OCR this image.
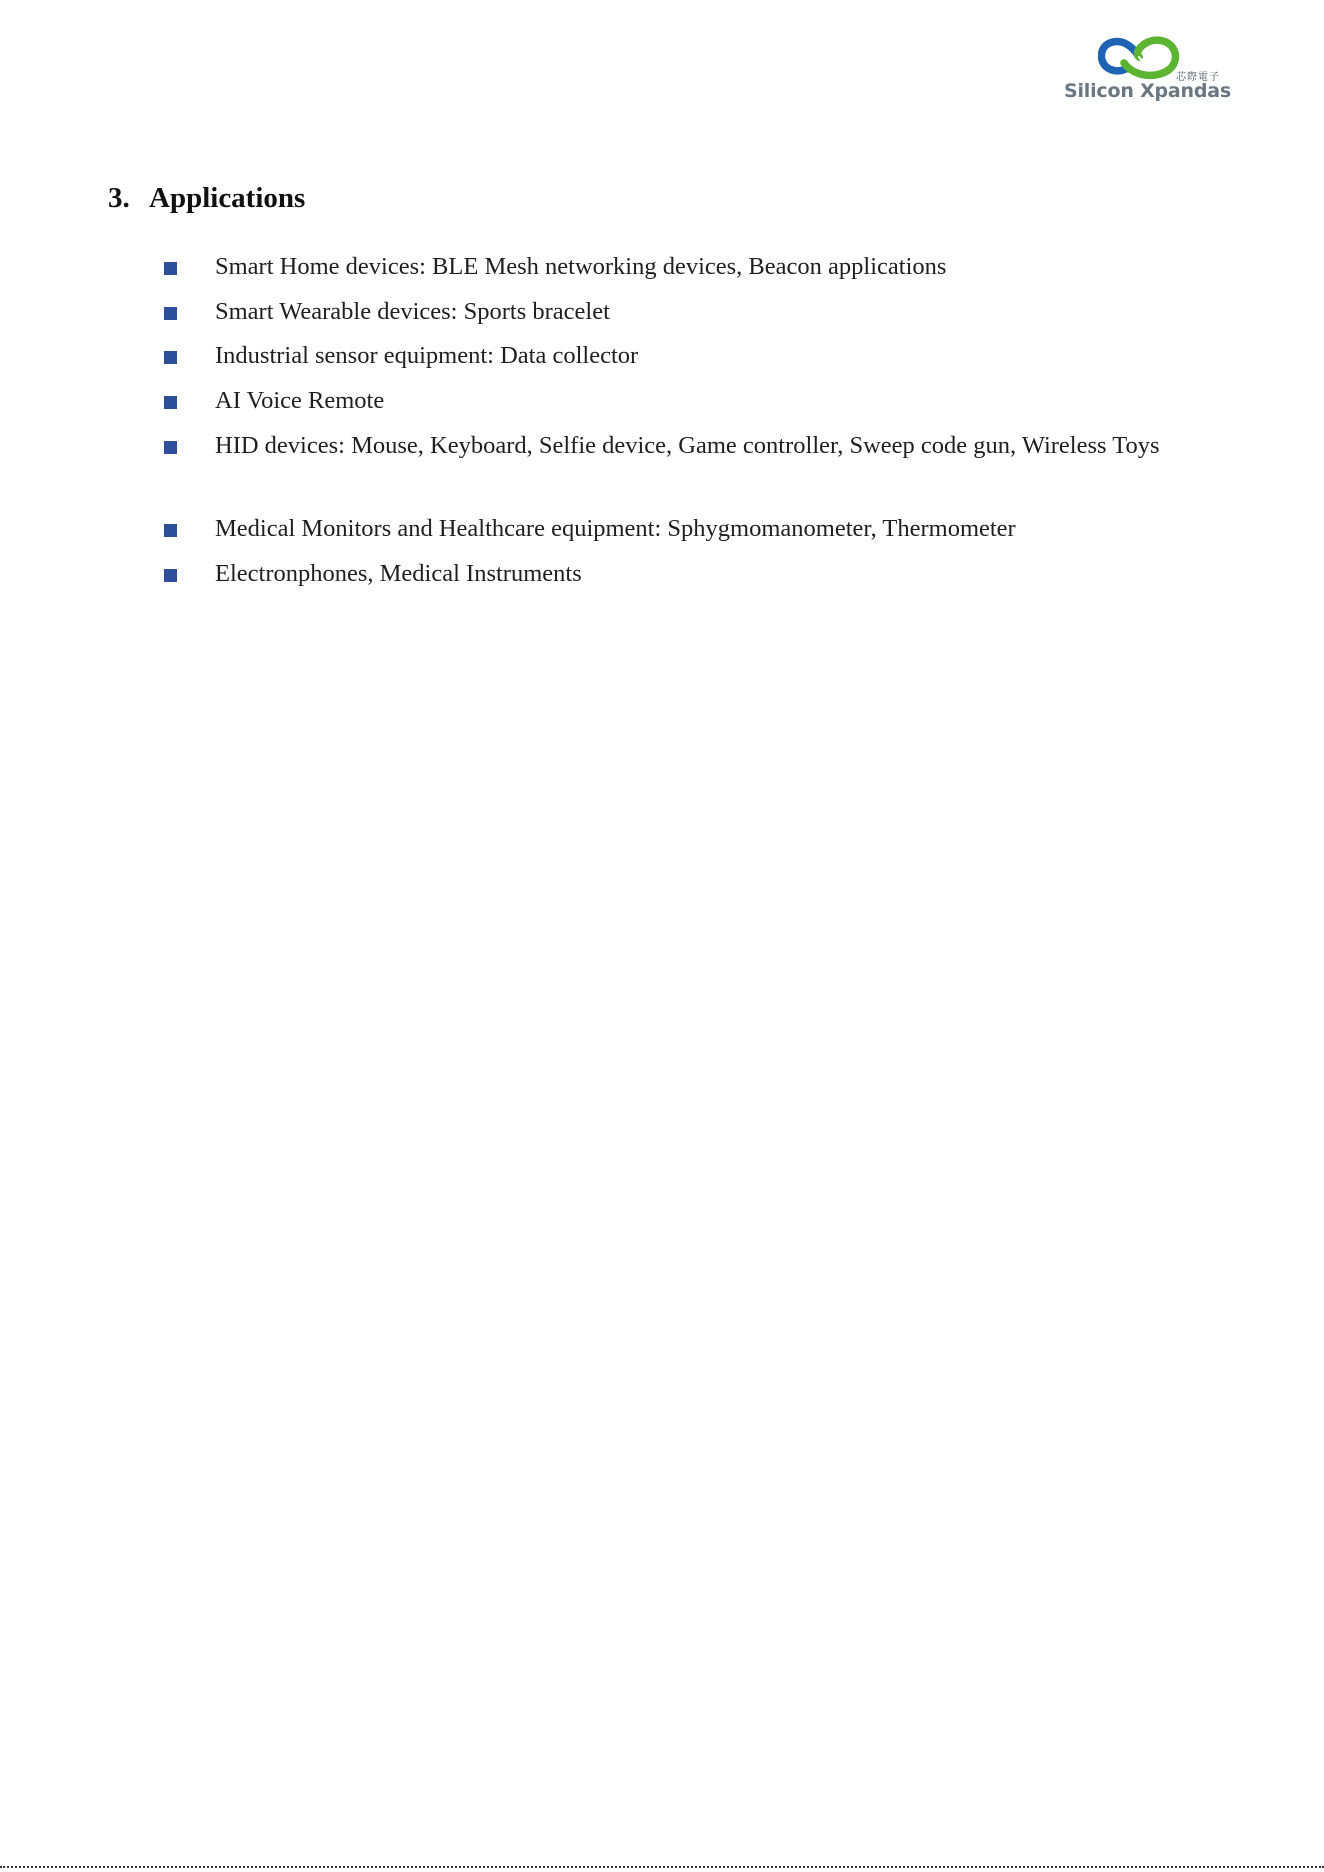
芯際電子
Silicon Xpandas
3. Applications
Smart Home devices: BLE Mesh networking devices, Beacon applications
Smart Wearable devices: Sports bracelet
Industrial sensor equipment: Data collector
AI Voice Remote
HID devices: Mouse, Keyboard, Selfie device, Game controller, Sweep code gun, Wireless Toys
Medical Monitors and Healthcare equipment: Sphygmomanometer, Thermometer
Electronphones, Medical Instruments
